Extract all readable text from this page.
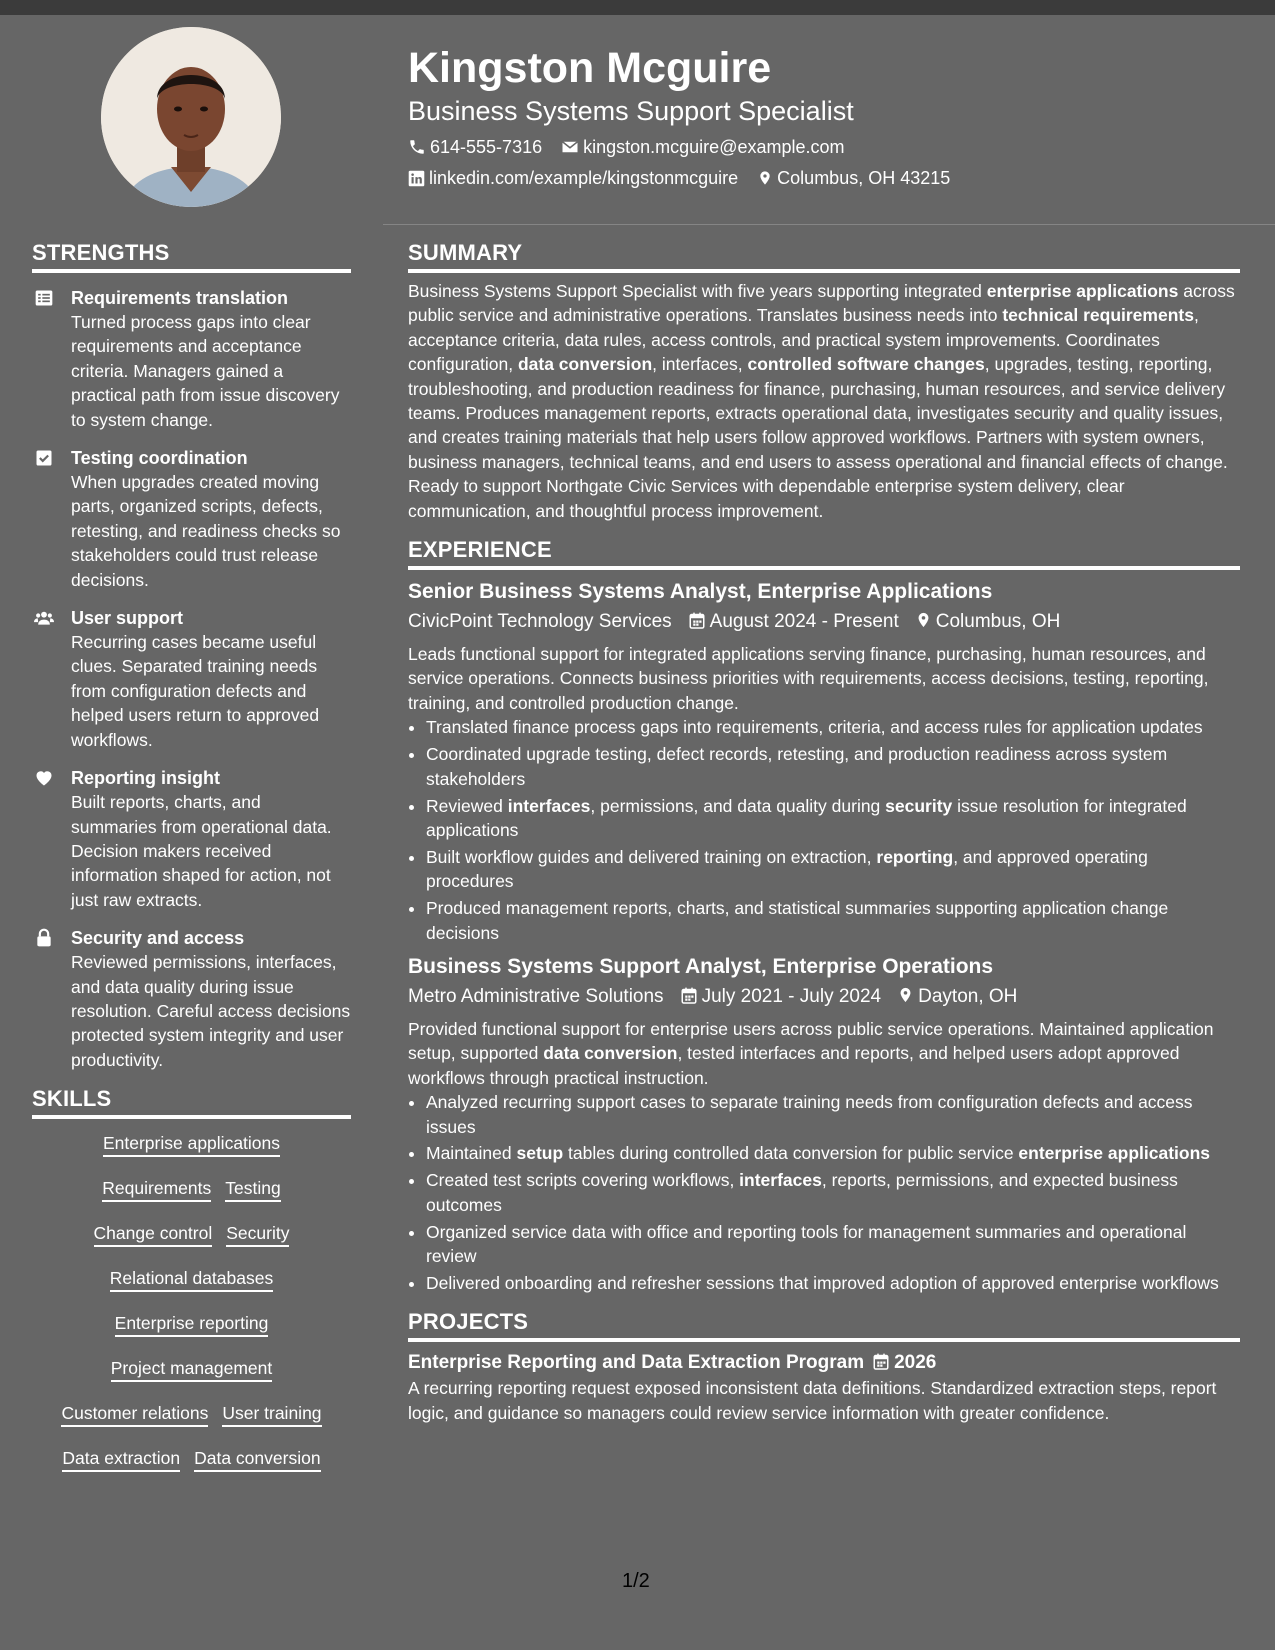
Kingston Mcguire
Business Systems Support Specialist
614-555-7316 kingston.mcguire@example.com
linkedin.com/example/kingstonmcguire Columbus, OH 43215
STRENGTHS
Requirements translation
Turned process gaps into clear requirements and acceptance criteria. Managers gained a practical path from issue discovery to system change.
Testing coordination
When upgrades created moving parts, organized scripts, defects, retesting, and readiness checks so stakeholders could trust release decisions.
User support
Recurring cases became useful clues. Separated training needs from configuration defects and helped users return to approved workflows.
Reporting insight
Built reports, charts, and summaries from operational data. Decision makers received information shaped for action, not just raw extracts.
Security and access
Reviewed permissions, interfaces, and data quality during issue resolution. Careful access decisions protected system integrity and user productivity.
SKILLS
Enterprise applications
Requirements Testing
Change control Security
Relational databases
Enterprise reporting
Project management
Customer relations User training
Data extraction Data conversion
SUMMARY
Business Systems Support Specialist with five years supporting integrated enterprise applications across public service and administrative operations. Translates business needs into technical requirements, acceptance criteria, data rules, access controls, and practical system improvements. Coordinates configuration, data conversion, interfaces, controlled software changes, upgrades, testing, reporting, troubleshooting, and production readiness for finance, purchasing, human resources, and service delivery teams. Produces management reports, extracts operational data, investigates security and quality issues, and creates training materials that help users follow approved workflows. Partners with system owners, business managers, technical teams, and end users to assess operational and financial effects of change. Ready to support Northgate Civic Services with dependable enterprise system delivery, clear communication, and thoughtful process improvement.
EXPERIENCE
Senior Business Systems Analyst, Enterprise Applications
CivicPoint Technology Services August 2024 - Present Columbus, OH
Leads functional support for integrated applications serving finance, purchasing, human resources, and service operations. Connects business priorities with requirements, access decisions, testing, reporting, training, and controlled production change.
• Translated finance process gaps into requirements, criteria, and access rules for application updates
• Coordinated upgrade testing, defect records, retesting, and production readiness across system stakeholders
• Reviewed interfaces, permissions, and data quality during security issue resolution for integrated applications
• Built workflow guides and delivered training on extraction, reporting, and approved operating procedures
• Produced management reports, charts, and statistical summaries supporting application change decisions
Business Systems Support Analyst, Enterprise Operations
Metro Administrative Solutions July 2021 - July 2024 Dayton, OH
Provided functional support for enterprise users across public service operations. Maintained application setup, supported data conversion, tested interfaces and reports, and helped users adopt approved workflows through practical instruction.
• Analyzed recurring support cases to separate training needs from configuration defects and access issues
• Maintained setup tables during controlled data conversion for public service enterprise applications
• Created test scripts covering workflows, interfaces, reports, permissions, and expected business outcomes
• Organized service data with office and reporting tools for management summaries and operational review
• Delivered onboarding and refresher sessions that improved adoption of approved enterprise workflows
PROJECTS
Enterprise Reporting and Data Extraction Program 2026
A recurring reporting request exposed inconsistent data definitions. Standardized extraction steps, report logic, and guidance so managers could review service information with greater confidence.
1/2
